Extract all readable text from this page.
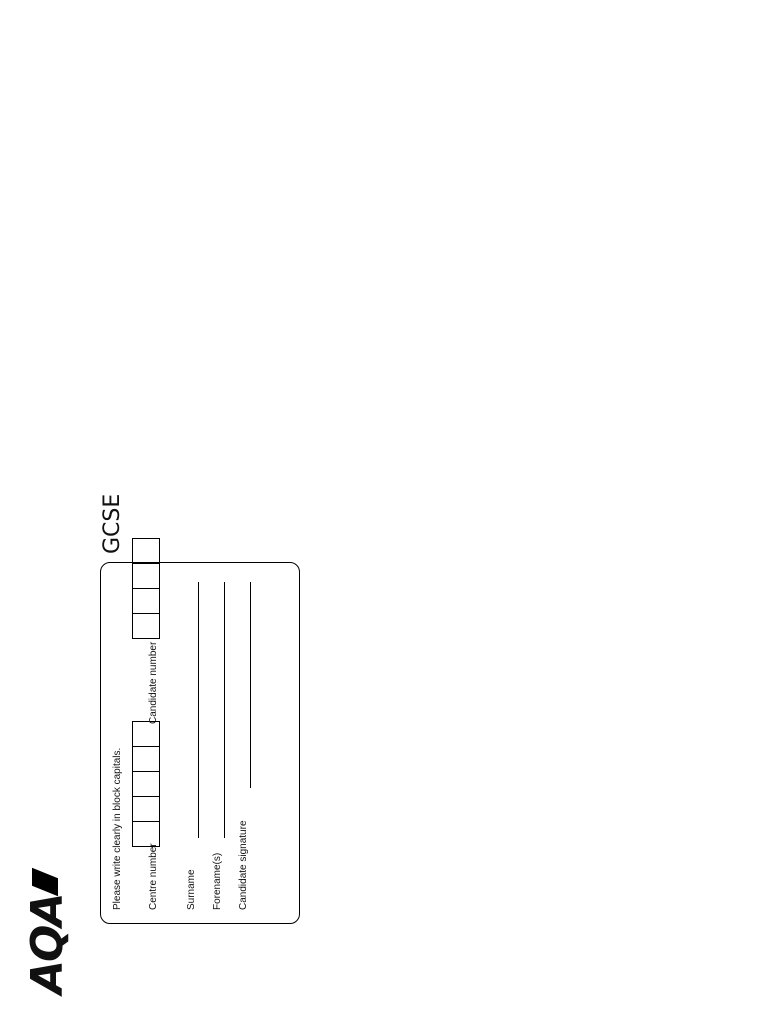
AQA
Please write clearly in block capitals.	Centre number
Candidate number
Surname Forename(s) Candidate signature
GCSE
